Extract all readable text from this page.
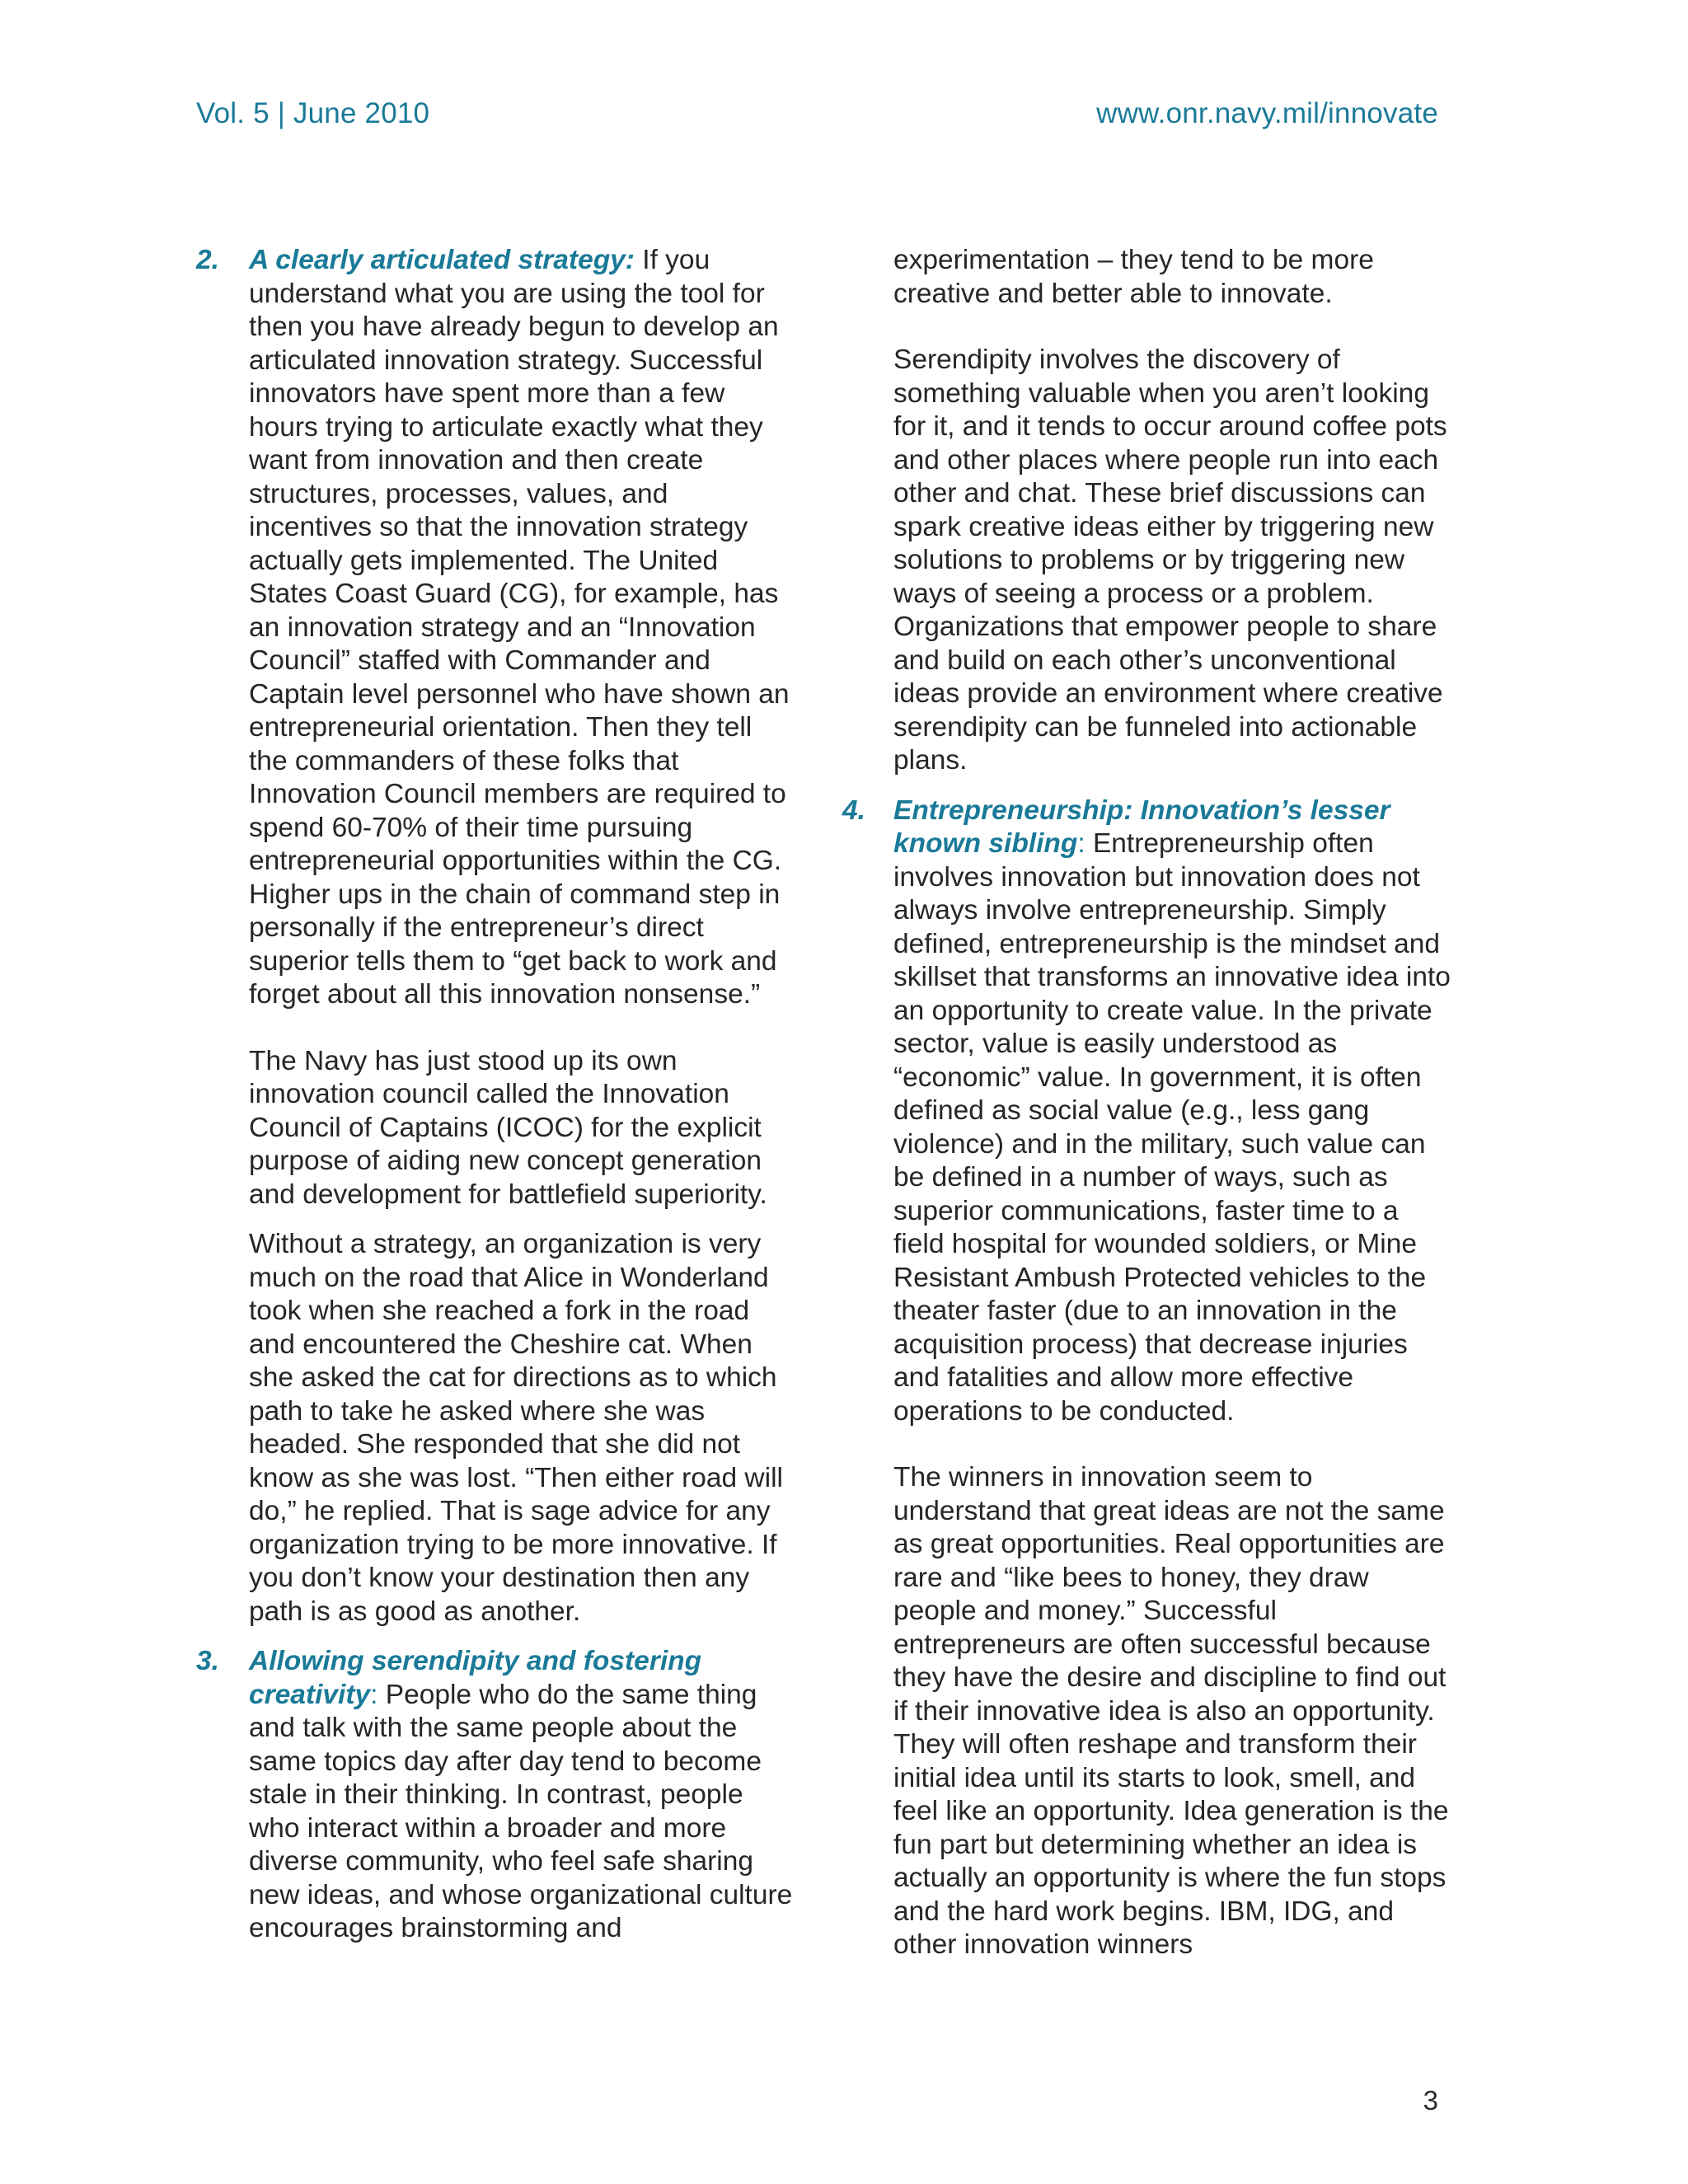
Vol. 5 | June 2010	www.onr.navy.mil/innovate
2. A clearly articulated strategy: If you understand what you are using the tool for then you have already begun to develop an articulated innovation strategy. Successful innovators have spent more than a few hours trying to articulate exactly what they want from innovation and then create structures, processes, values, and incentives so that the innovation strategy actually gets implemented. The United States Coast Guard (CG), for example, has an innovation strategy and an “Innovation Council” staffed with Commander and Captain level personnel who have shown an entrepreneurial orientation. Then they tell the commanders of these folks that Innovation Council members are required to spend 60-70% of their time pursuing entrepreneurial opportunities within the CG. Higher ups in the chain of command step in personally if the entrepreneur’s direct superior tells them to “get back to work and forget about all this innovation nonsense.”

The Navy has just stood up its own innovation council called the Innovation Council of Captains (ICOC) for the explicit purpose of aiding new concept generation and development for battlefield superiority.

Without a strategy, an organization is very much on the road that Alice in Wonderland took when she reached a fork in the road and encountered the Cheshire cat. When she asked the cat for directions as to which path to take he asked where she was headed. She responded that she did not know as she was lost. “Then either road will do,” he replied. That is sage advice for any organization trying to be more innovative. If you don’t know your destination then any path is as good as another.

3. Allowing serendipity and fostering creativity: People who do the same thing and talk with the same people about the same topics day after day tend to become stale in their thinking. In contrast, people who interact within a broader and more diverse community, who feel safe sharing new ideas, and whose organizational culture encourages brainstorming and

experimentation – they tend to be more creative and better able to innovate.

Serendipity involves the discovery of something valuable when you aren’t looking for it, and it tends to occur around coffee pots and other places where people run into each other and chat. These brief discussions can spark creative ideas either by triggering new solutions to problems or by triggering new ways of seeing a process or a problem. Organizations that empower people to share and build on each other’s unconventional ideas provide an environment where creative serendipity can be funneled into actionable plans.

4. Entrepreneurship: Innovation’s lesser known sibling: Entrepreneurship often involves innovation but innovation does not always involve entrepreneurship. Simply defined, entrepreneurship is the mindset and skillset that transforms an innovative idea into an opportunity to create value. In the private sector, value is easily understood as “economic” value. In government, it is often defined as social value (e.g., less gang violence) and in the military, such value can be defined in a number of ways, such as superior communications, faster time to a field hospital for wounded soldiers, or Mine Resistant Ambush Protected vehicles to the theater faster (due to an innovation in the acquisition process) that decrease injuries and fatalities and allow more effective operations to be conducted.

The winners in innovation seem to understand that great ideas are not the same as great opportunities. Real opportunities are rare and “like bees to honey, they draw people and money.” Successful entrepreneurs are often successful because they have the desire and discipline to find out if their innovative idea is also an opportunity. They will often reshape and transform their initial idea until its starts to look, smell, and feel like an opportunity. Idea generation is the fun part but determining whether an idea is actually an opportunity is where the fun stops and the hard work begins. IBM, IDG, and other innovation winners

3
